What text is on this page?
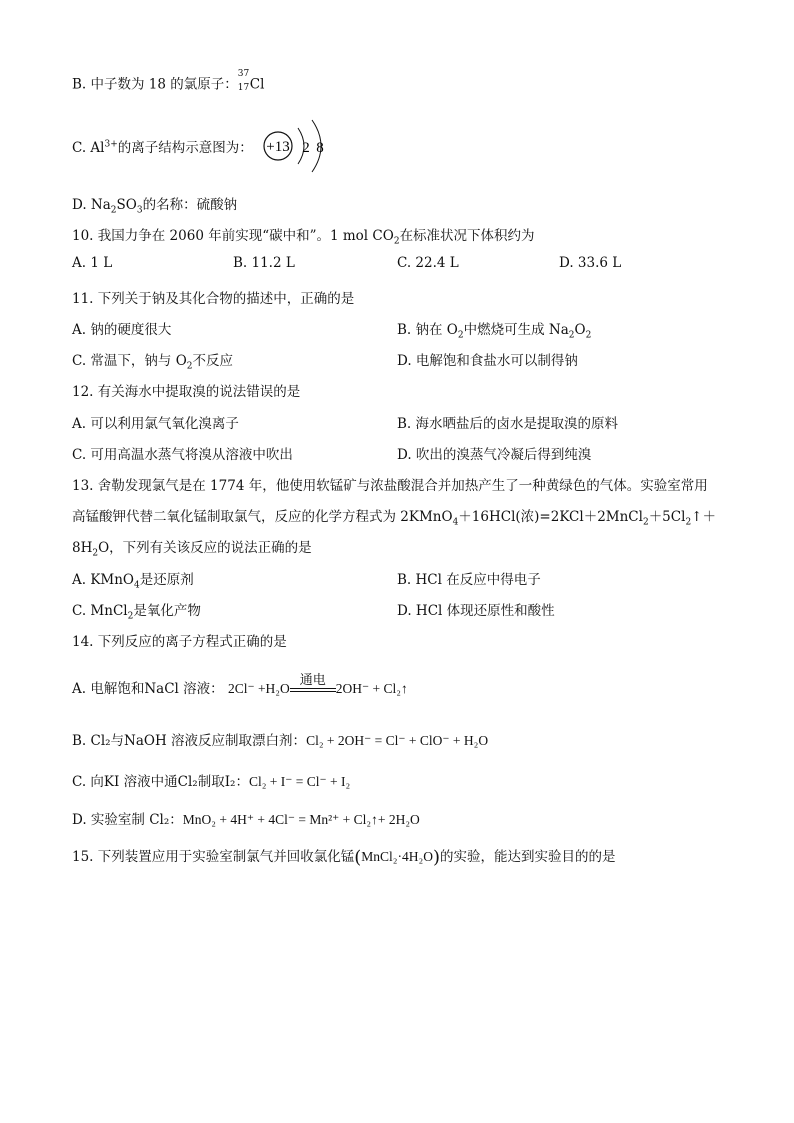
B. 中子数为 18 的氯原子：
37
17 Cl
C. $Al^{3+}$的离子结构示意图为： +13 2 8
D. $Na_2SO_3$的名称：硫酸钠
10. 我国力争在 2060 年前实现“碳中和”。1 mol $CO_2$在标准状况下体积约为
A. 1 L	B. 11.2 L	C. 22.4 L	D. 33.6 L
11. 下列关于钠及其化合物的描述中，正确的是
A. 钠的硬度很大	B. 钠在 $O_2$中燃烧可生成 $Na_2O_2$
C. 常温下，钠与 $O_2$不反应	D. 电解饱和食盐水可以制得钠
12. 有关海水中提取溴的说法错误的是
A. 可以利用氯气氧化溴离子	B. 海水晒盐后的卤水是提取溴的原料
C. 可用高温水蒸气将溴从溶液中吹出	D. 吹出的溴蒸气冷凝后得到纯溴
13. 舍勒发现氯气是在 1774 年，他使用软锰矿与浓盐酸混合并加热产生了一种黄绿色的气体。实验室常用
高锰酸钾代替二氧化锰制取氯气，反应的化学方程式为 2KMnO$_4$＋16HCl(浓)$=2KCl+2MnCl_2+5Cl_2↑+$
$8H_2O$，下列有关该反应的说法正确的是
A. KMnO$_4$是还原剂	B. HCl 在反应中得电子
C. MnCl$_2$是氧化产物	D. HCl 体现还原性和酸性
14. 下列反应的离子方程式正确的是
A. 电解饱和NaCl 溶液： 2Cl⁻ +H₂O
通电
2OH⁻ + Cl₂↑
B. Cl₂与NaOH 溶液反应制取漂白剂：Cl₂ + 2OH⁻ = Cl⁻ + ClO⁻ + H₂O
C. 向KI 溶液中通Cl₂制取I₂：Cl₂ + I⁻ = Cl⁻ + I₂
D. 实验室制 Cl₂：MnO₂ + 4H⁺ + 4Cl⁻ = Mn²⁺ + Cl₂↑+ 2H₂O
15. 下列装置应用于实验室制氯气并回收氯化锰(MnCl₂·4H₂O)的实验，能达到实验目的的是
